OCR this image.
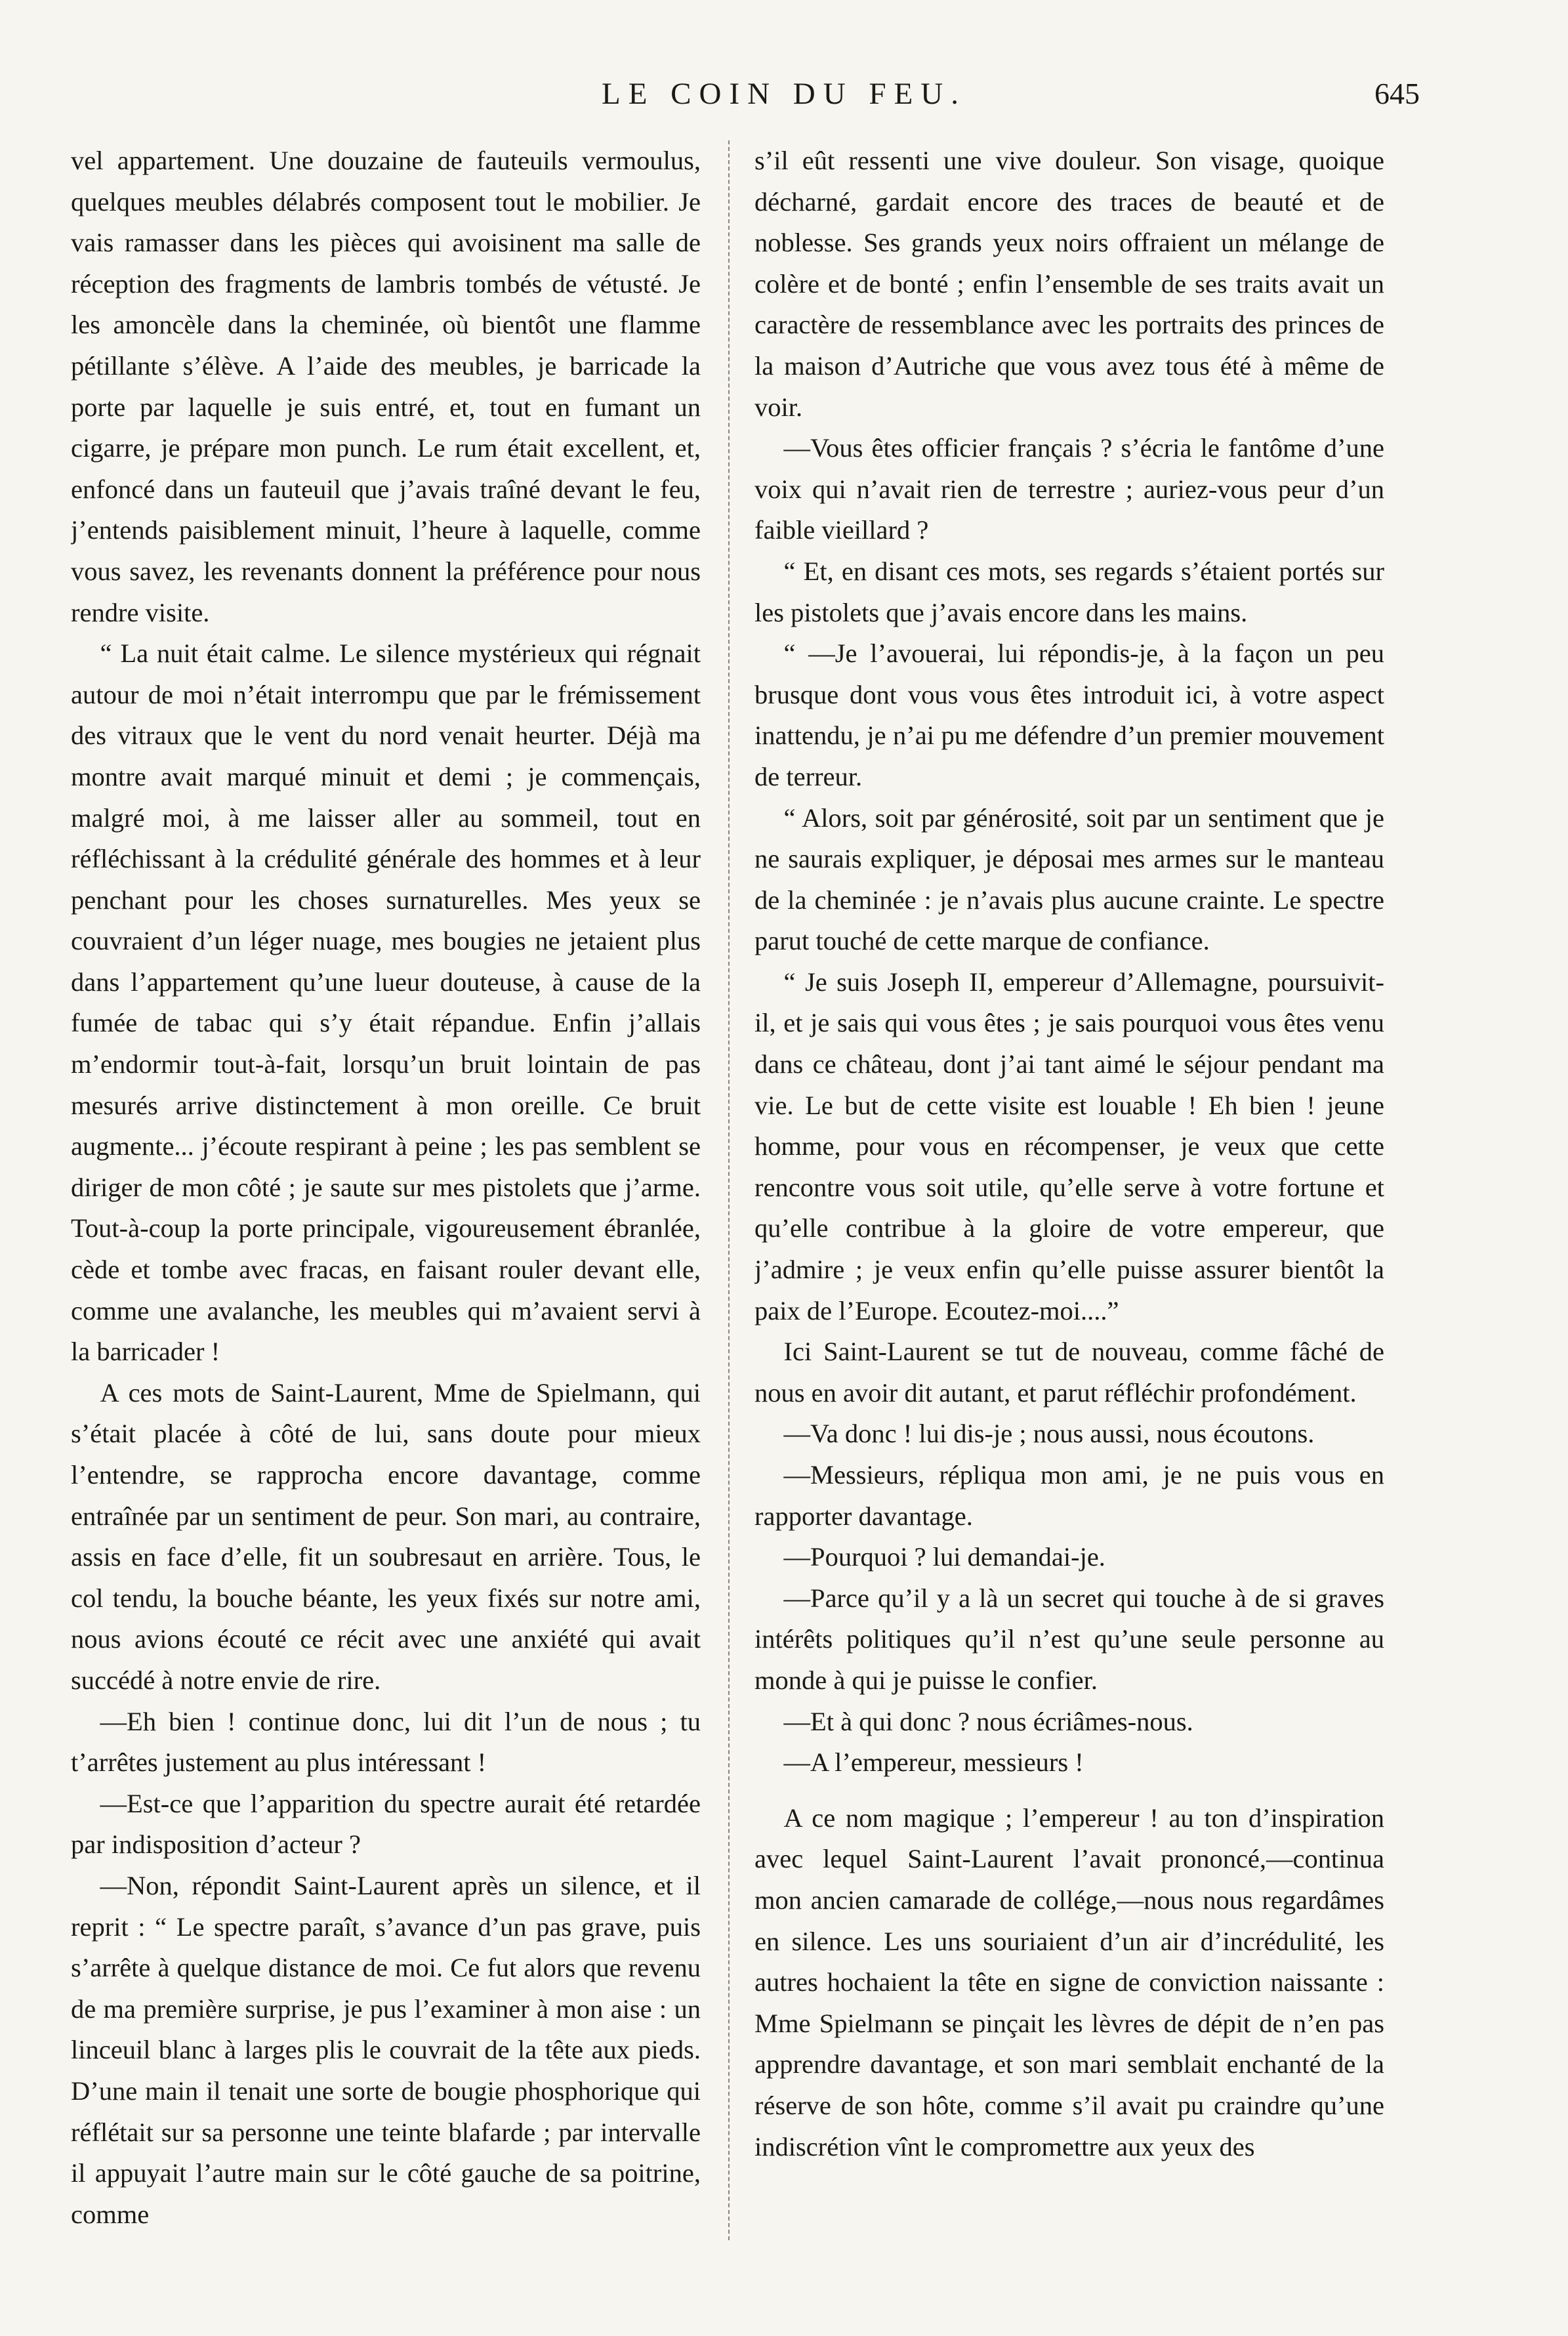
LE COIN DU FEU.	645

vel appartement. Une douzaine de fauteuils vermoulus, quelques meubles délabrés composent tout le mobilier. Je vais ramasser dans les pièces qui avoisinent ma salle de réception des fragments de lambris tombés de vétusté. Je les amoncèle dans la cheminée, où bientôt une flamme pétillante s’élève. A l’aide des meubles, je barricade la porte par laquelle je suis entré, et, tout en fumant un cigarre, je prépare mon punch. Le rum était excellent, et, enfoncé dans un fauteuil que j’avais traîné devant le feu, j’entends paisiblement minuit, l’heure à laquelle, comme vous savez, les revenants donnent la préférence pour nous rendre visite.

“ La nuit était calme. Le silence mystérieux qui régnait autour de moi n’était interrompu que par le frémissement des vitraux que le vent du nord venait heurter. Déjà ma montre avait marqué minuit et demi ; je commençais, malgré moi, à me laisser aller au sommeil, tout en réfléchissant à la crédulité générale des hommes et à leur penchant pour les choses surnaturelles. Mes yeux se couvraient d’un léger nuage, mes bougies ne jetaient plus dans l’appartement qu’une lueur douteuse, à cause de la fumée de tabac qui s’y était répandue. Enfin j’allais m’endormir tout-à-fait, lorsqu’un bruit lointain de pas mesurés arrive distinctement à mon oreille. Ce bruit augmente... j’écoute respirant à peine ; les pas semblent se diriger de mon côté ; je saute sur mes pistolets que j’arme. Tout-à-coup la porte principale, vigoureusement ébranlée, cède et tombe avec fracas, en faisant rouler devant elle, comme une avalanche, les meubles qui m’avaient servi à la barricader !

A ces mots de Saint-Laurent, Mme de Spielmann, qui s’était placée à côté de lui, sans doute pour mieux l’entendre, se rapprocha encore davantage, comme entraînée par un sentiment de peur. Son mari, au contraire, assis en face d’elle, fit un soubresaut en arrière. Tous, le col tendu, la bouche béante, les yeux fixés sur notre ami, nous avions écouté ce récit avec une anxiété qui avait succédé à notre envie de rire.

—Eh bien ! continue donc, lui dit l’un de nous ; tu t’arrêtes justement au plus intéressant !

—Est-ce que l’apparition du spectre aurait été retardée par indisposition d’acteur ?

—Non, répondit Saint-Laurent après un silence, et il reprit : “ Le spectre paraît, s’avance d’un pas grave, puis s’arrête à quelque distance de moi. Ce fut alors que revenu de ma première surprise, je pus l’examiner à mon aise : un linceuil blanc à larges plis le couvrait de la tête aux pieds. D’une main il tenait une sorte de bougie phosphorique qui réflétait sur sa personne une teinte blafarde ; par intervalle il appuyait l’autre main sur le côté gauche de sa poitrine, comme

s’il eût ressenti une vive douleur. Son visage, quoique décharné, gardait encore des traces de beauté et de noblesse. Ses grands yeux noirs offraient un mélange de colère et de bonté ; enfin l’ensemble de ses traits avait un caractère de ressemblance avec les portraits des princes de la maison d’Autriche que vous avez tous été à même de voir.

—Vous êtes officier français ? s’écria le fantôme d’une voix qui n’avait rien de terrestre ; auriez-vous peur d’un faible vieillard ?

“ Et, en disant ces mots, ses regards s’étaient portés sur les pistolets que j’avais encore dans les mains.

“ —Je l’avouerai, lui répondis-je, à la façon un peu brusque dont vous vous êtes introduit ici, à votre aspect inattendu, je n’ai pu me défendre d’un premier mouvement de terreur.

“ Alors, soit par générosité, soit par un sentiment que je ne saurais expliquer, je déposai mes armes sur le manteau de la cheminée : je n’avais plus aucune crainte. Le spectre parut touché de cette marque de confiance.

“ Je suis Joseph II, empereur d’Allemagne, poursuivit-il, et je sais qui vous êtes ; je sais pourquoi vous êtes venu dans ce château, dont j’ai tant aimé le séjour pendant ma vie. Le but de cette visite est louable ! Eh bien ! jeune homme, pour vous en récompenser, je veux que cette rencontre vous soit utile, qu’elle serve à votre fortune et qu’elle contribue à la gloire de votre empereur, que j’admire ; je veux enfin qu’elle puisse assurer bientôt la paix de l’Europe. Ecoutez-moi....”

Ici Saint-Laurent se tut de nouveau, comme fâché de nous en avoir dit autant, et parut réfléchir profondément.

—Va donc ! lui dis-je ; nous aussi, nous écoutons.

—Messieurs, répliqua mon ami, je ne puis vous en rapporter davantage.

—Pourquoi ? lui demandai-je.

—Parce qu’il y a là un secret qui touche à de si graves intérêts politiques qu’il n’est qu’une seule personne au monde à qui je puisse le confier.

—Et à qui donc ? nous écriâmes-nous.

—A l’empereur, messieurs !

A ce nom magique ; l’empereur ! au ton d’inspiration avec lequel Saint-Laurent l’avait prononcé,—continua mon ancien camarade de collége,—nous nous regardâmes en silence. Les uns souriaient d’un air d’incrédulité, les autres hochaient la tête en signe de conviction naissante : Mme Spielmann se pinçait les lèvres de dépit de n’en pas apprendre davantage, et son mari semblait enchanté de la réserve de son hôte, comme s’il avait pu craindre qu’une indiscrétion vînt le compromettre aux yeux des
